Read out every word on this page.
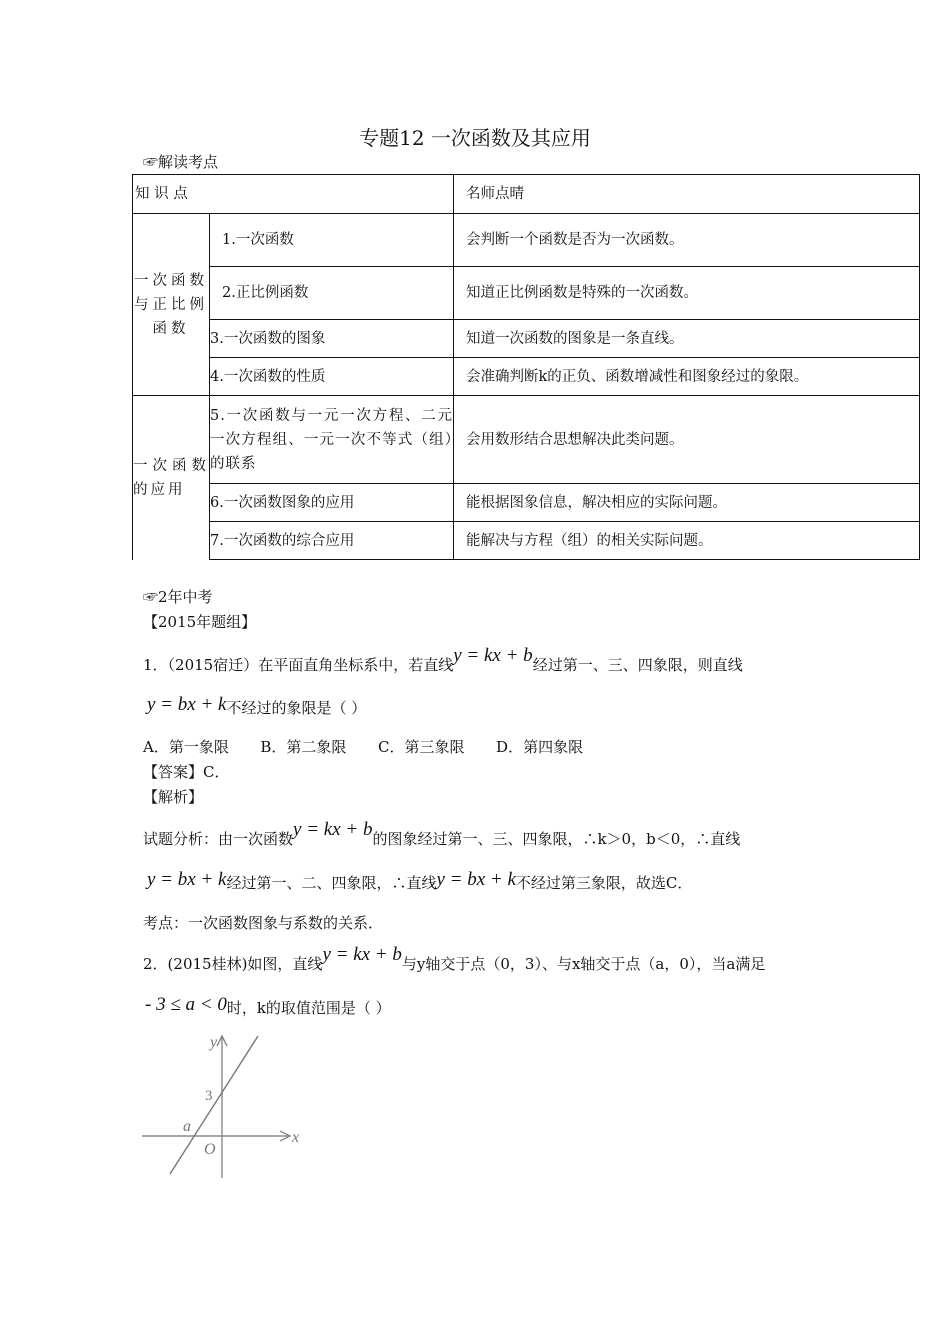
专题12 一次函数及其应用
☞解读考点
知 识 点		名师点晴

一次函数与正比例函数	1.一次函数	会判断一个函数是否为一次函数。
	2.正比例函数	知道正比例函数是特殊的一次函数。
	3.一次函数的图象	知道一次函数的图象是一条直线。
	4.一次函数的性质	会准确判断k的正负、函数增减性和图象经过的象限。

一次函数的应用	5.一次函数与一元一次方程、二元一次方程组、一元一次不等式（组）的联系	会用数形结合思想解决此类问题。
	6.一次函数图象的应用	能根据图象信息，解决相应的实际问题。
	7.一次函数的综合应用	能解决与方程（组）的相关实际问题。
☞2年中考
【2015年题组】
1．（2015宿迁）在平面直角坐标系中，若直线y = kx + b经过第一、三、四象限，则直线
y = bx + k不经过的象限是（ ）
A．第一象限 B．第二象限 C．第三象限 D．第四象限
【答案】C．
【解析】
试题分析：由一次函数y = kx + b的图象经过第一、三、四象限，∴k＞0，b＜0，∴直线
y = bx + k经过第一、二、四象限，∴直线y = bx + k不经过第三象限，故选C．
考点：一次函数图象与系数的关系．
2．(2015桂林)如图，直线y = kx + b与y轴交于点（0，3）、与x轴交于点（a，0），当a满足
- 3 ≤ a < 0时，k的取值范围是（ ）
y
x
a
O
3
